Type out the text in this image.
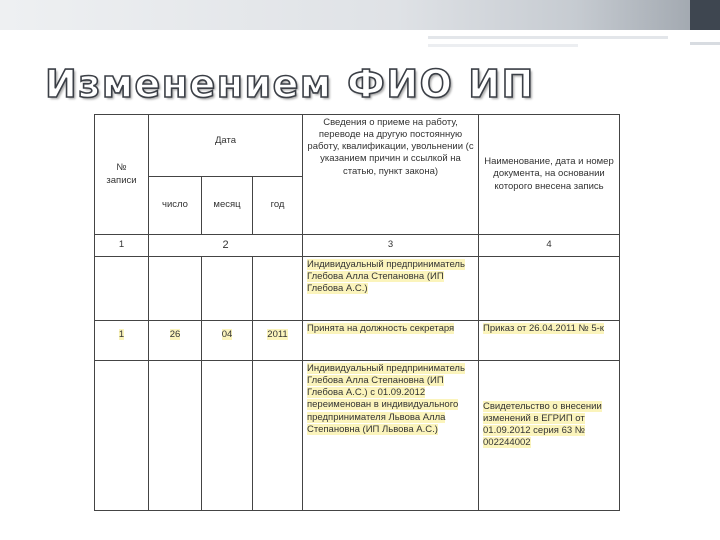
Изменением ФИО ИП
№
записи	Дата			Сведения о приеме на работу, переводе на другую постоянную работу, квалификации, увольнении (с указанием причин и ссылкой на статью, пункт закона)	Наименование, дата и номер документа, на основании которого внесена запись
	число	месяц	год		
1	2			3	4
				Индивидуальный предприниматель Глебова Алла Степановна (ИП Глебова А.С.)	
1	26	04	2011	Принята на должность секретаря	Приказ от 26.04.2011 № 5-к
				Индивидуальный предприниматель Глебова Алла Степановна (ИП Глебова А.С.) с 01.09.2012 переименован в индивидуального предпринимателя Львова Алла Степановна (ИП Львова А.С.)	Свидетельство о внесении изменений в ЕГРИП от 01.09.2012 серия 63 № 002244002
